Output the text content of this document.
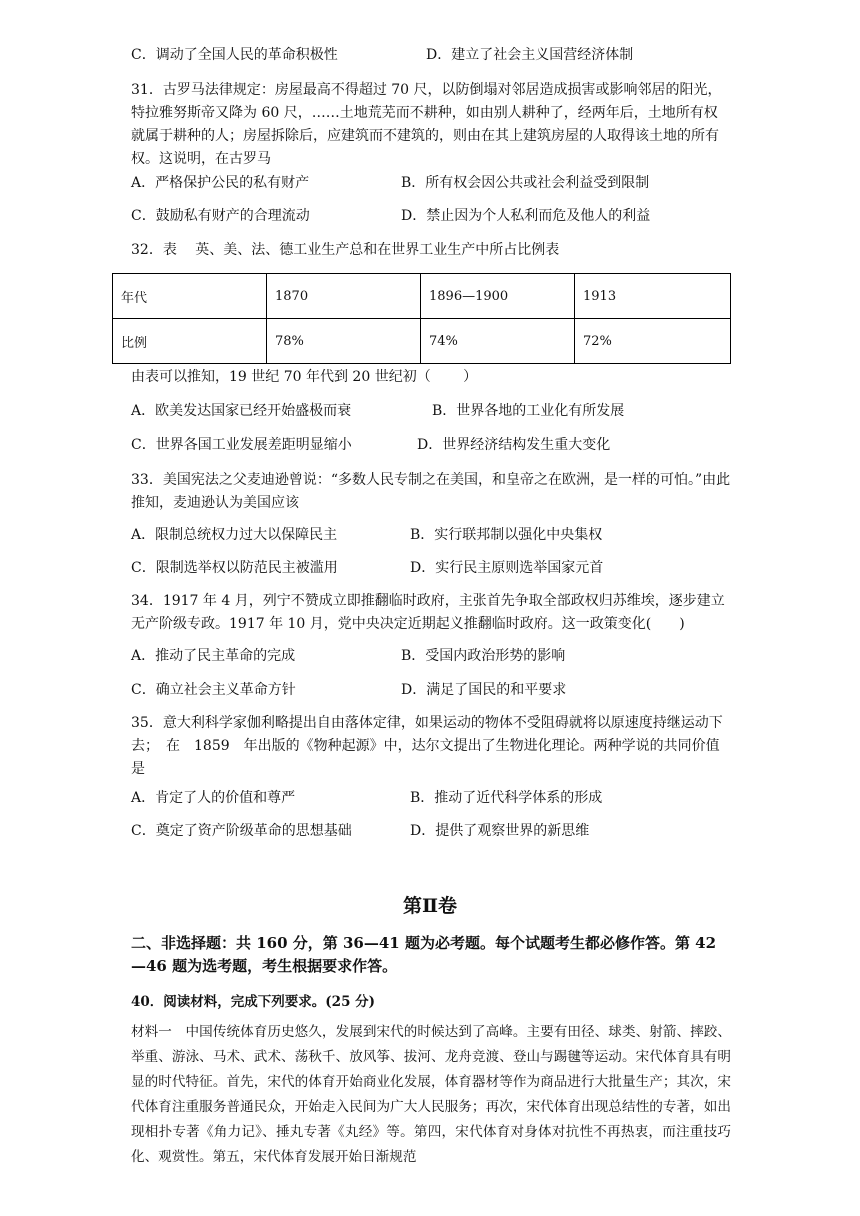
C．调动了全国人民的革命积极性	D．建立了社会主义国营经济体制
31．古罗马法律规定：房屋最高不得超过 70 尺，以防倒塌对邻居造成损害或影响邻居的阳光，特拉雅努斯帝又降为 60 尺，……土地荒芜而不耕种，如由别人耕种了，经两年后，土地所有权就属于耕种的人；房屋拆除后，应建筑而不建筑的，则由在其上建筑房屋的人取得该土地的所有权。这说明，在古罗马
A．严格保护公民的私有财产	B．所有权会因公共或社会利益受到限制
C．鼓励私有财产的合理流动	D．禁止因为个人私利而危及他人的利益
32．表　 英、美、法、德工业生产总和在世界工业生产中所占比例表
年代	1870	1896—1900	1913
比例	78%	74%	72%
由表可以推知，19 世纪 70 年代到 20 世纪初（　　 ）
A．欧美发达国家已经开始盛极而衰	B．世界各地的工业化有所发展
C．世界各国工业发展差距明显缩小	D．世界经济结构发生重大变化
33．美国宪法之父麦迪逊曾说：“多数人民专制之在美国，和皇帝之在欧洲，是一样的可怕。”由此推知，麦迪逊认为美国应该
A．限制总统权力过大以保障民主	B．实行联邦制以强化中央集权
C．限制选举权以防范民主被滥用	D．实行民主原则选举国家元首
34．1917 年 4 月，列宁不赞成立即推翻临时政府，主张首先争取全部政权归苏维埃，逐步建立无产阶级专政。1917 年 10 月，党中央决定近期起义推翻临时政府。这一政策变化(　　)
A．推动了民主革命的完成	B．受国内政治形势的影响
C．确立社会主义革命方针	D．满足了国民的和平要求
35．意大利科学家伽利略提出自由落体定律，如果运动的物体不受阻碍就将以原速度持继运动下去；　在　1859　年出版的《物种起源》中，达尔文提出了生物进化理论。两种学说的共同价值是
A．肯定了人的价值和尊严	B．推动了近代科学体系的形成
C．奠定了资产阶级革命的思想基础	D．提供了观察世界的新思维
第Ⅱ卷
二、非选择题：共 160 分，第 36—41 题为必考题。每个试题考生都必修作答。第 42—46 题为选考题，考生根据要求作答。
40．阅读材料，完成下列要求。(25 分)
材料一　中国传统体育历史悠久，发展到宋代的时候达到了高峰。主要有田径、球类、射箭、摔跤、举重、游泳、马术、武术、荡秋千、放风筝、拔河、龙舟竞渡、登山与踢毽等运动。宋代体育具有明显的时代特征。首先，宋代的体育开始商业化发展，体育器材等作为商品进行大批量生产；其次，宋代体育注重服务普通民众，开始走入民间为广大人民服务；再次，宋代体育出现总结性的专著，如出现相扑专著《角力记》、捶丸专著《丸经》等。第四，宋代体育对身体对抗性不再热衷，而注重技巧化、观赏性。第五，宋代体育发展开始日渐规范
